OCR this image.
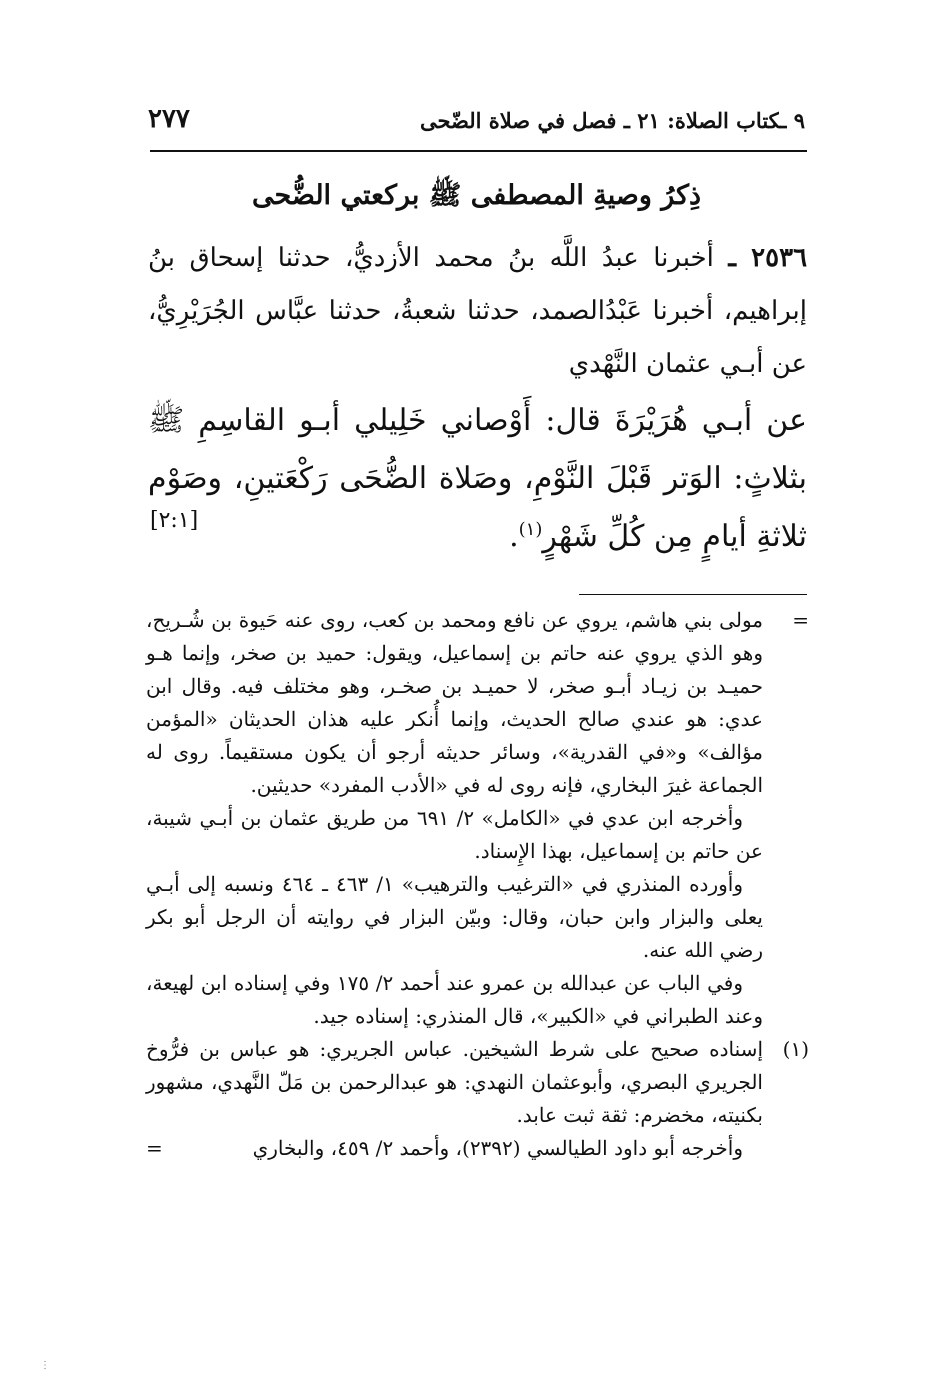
٩ ـكتاب الصلاة: ٢١ ـ فصل في صلاة الضّحى
٢٧٧
ذِكرُ وصيةِ المصطفى ﷺ بركعتي الضُّحى
٢٥٣٦ ـ أخبرنا عبدُ اللَّه بنُ محمد الأزديُّ، حدثنا إسحاق بنُ إبراهيم، أخبرنا عَبْدُالصمد، حدثنا شعبةُ، حدثنا عبَّاس الجُرَيْرِيُّ، عن أبـي عثمان النَّهْدي
عن أبـي هُرَيْرَةَ قال: أَوْصاني خَلِيلي أبـو القاسِمِ ﷺ بثلاثٍ: الوَتر قَبْلَ النَّوْمِ، وصَلاة الضُّحَى رَكْعَتينِ، وصَوْم ثلاثةِ أيامٍ مِن كُلِّ شَهْرٍ$^{(١)}$.
[٢:١]

=
مولى بني هاشم، يروي عن نافع ومحمد بن كعب، روى عنه حَيوة بن شُـريح، وهو الذي يروي عنه حاتم بن إسماعيل، ويقول: حميد بن صخر، وإنما هـو حميـد بن زيـاد أبـو صخر، لا حميـد بن صخـر، وهو مختلف فيه. وقال ابن عدي: هو عندي صالح الحديث، وإنما أُنكر عليه هذان الحديثان «المؤمن مؤالف» و«في القدرية»، وسائر حديثه أرجو أن يكون مستقيماً. روى له الجماعة غيرَ البخاري، فإنه روى له في «الأدب المفرد» حديثين.

وأخرجه ابن عدي في «الكامل» ٢/ ٦٩١ من طريق عثمان بن أبـي شيبة، عن حاتم بن إسماعيل، بهذا الإِسناد.

وأورده المنذري في «الترغيب والترهيب» ١/ ٤٦٣ ـ ٤٦٤ ونسبه إلى أبـي يعلى والبزار وابن حبان، وقال: وبيّن البزار في روايته أن الرجل أبو بكر رضي الله عنه.

وفي الباب عن عبدالله بن عمرو عند أحمد ٢/ ١٧٥ وفي إسناده ابن لهيعة، وعند الطبراني في «الكبير»، قال المنذري: إسناده جيد.

(١)
إسناده صحيح على شرط الشيخين. عباس الجريري: هو عباس بن فرُّوخ الجريري البصري، وأبوعثمان النهدي: هو عبدالرحمن بن مَلّ النَّهدي، مشهور بكنيته، مخضرم: ثقة ثبت عابد.

وأخرجه أبو داود الطيالسي (٢٣٩٢)، وأحمد ٢/ ٤٥٩، والبخاري
=

⋮
